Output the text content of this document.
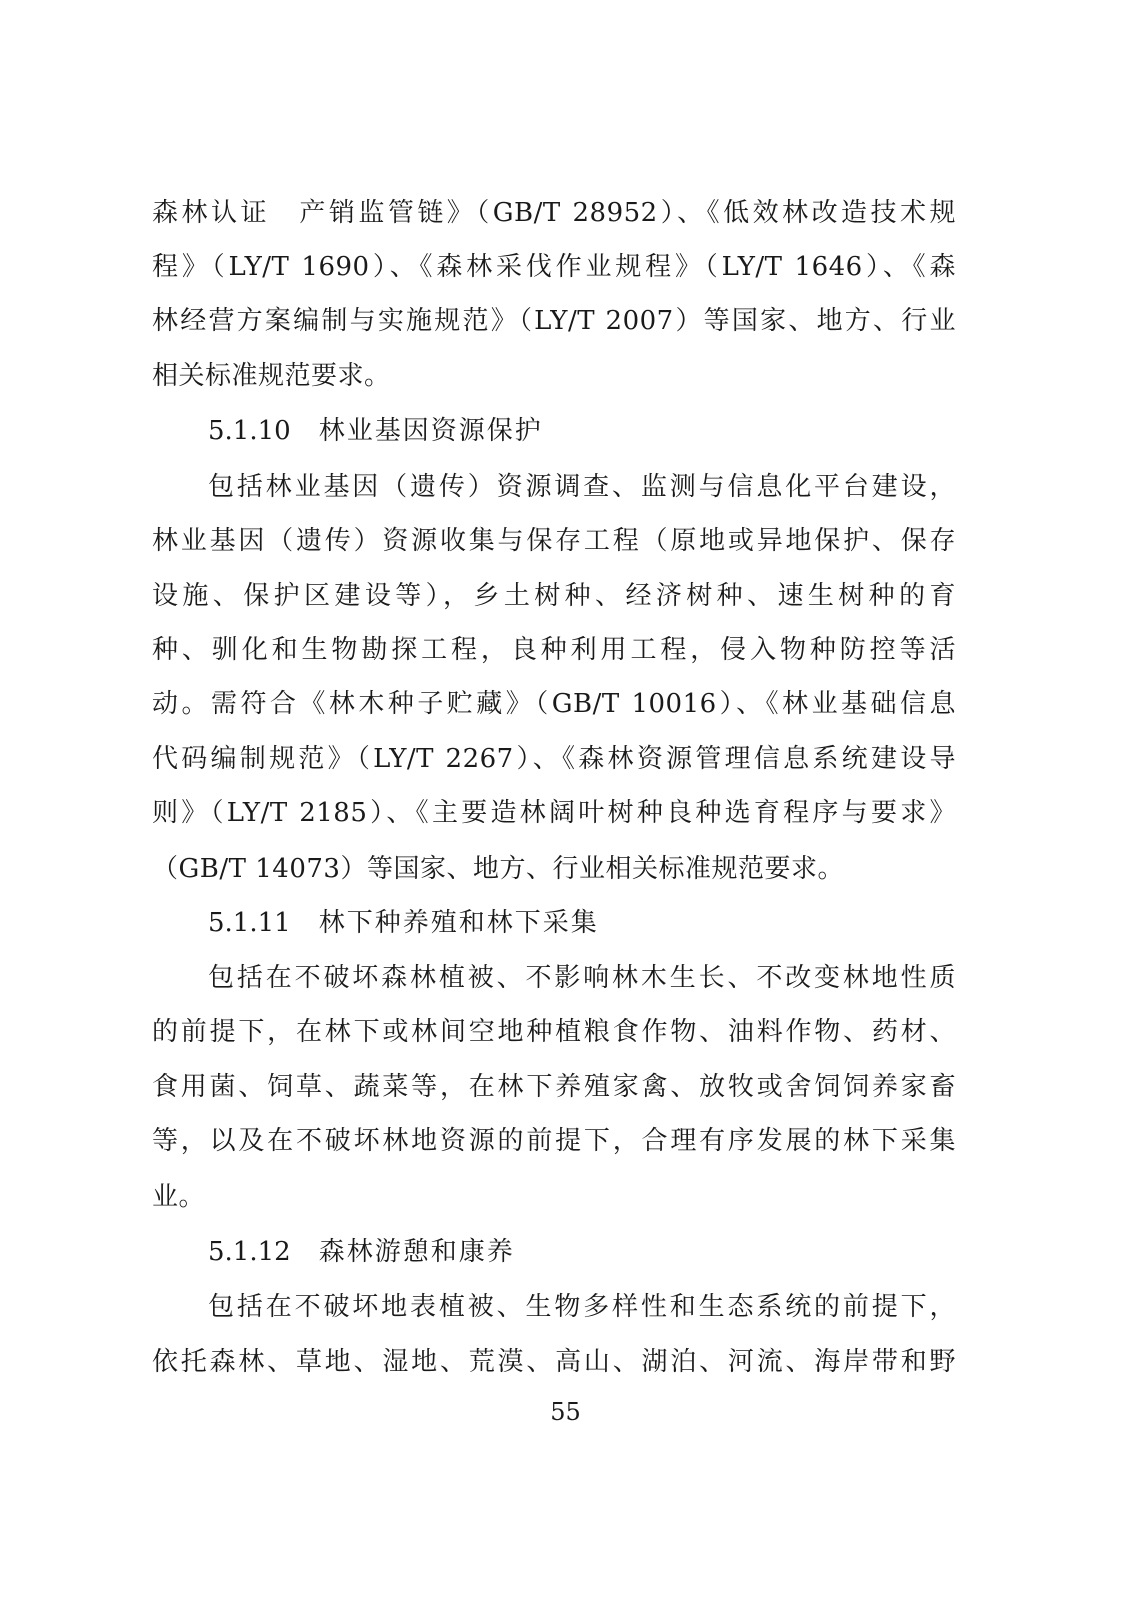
森林认证　产销监管链》（GB/T 28952）、《低效林改造技术规
程》（LY/T 1690）、《森林采伐作业规程》（LY/T 1646）、《森
林经营方案编制与实施规范》（LY/T 2007）等国家、地方、行业
相关标准规范要求。
5.1.10 林业基因资源保护
包括林业基因（遗传）资源调查、监测与信息化平台建设，
林业基因（遗传）资源收集与保存工程（原地或异地保护、保存
设施、保护区建设等），乡土树种、经济树种、速生树种的育
种、驯化和生物勘探工程，良种利用工程，侵入物种防控等活
动。需符合《林木种子贮藏》（GB/T 10016）、《林业基础信息
代码编制规范》（LY/T 2267）、《森林资源管理信息系统建设导
则》（LY/T 2185）、《主要造林阔叶树种良种选育程序与要求》
（GB/T 14073）等国家、地方、行业相关标准规范要求。
5.1.11 林下种养殖和林下采集
包括在不破坏森林植被、不影响林木生长、不改变林地性质
的前提下，在林下或林间空地种植粮食作物、油料作物、药材、
食用菌、饲草、蔬菜等，在林下养殖家禽、放牧或舍饲饲养家畜
等，以及在不破坏林地资源的前提下，合理有序发展的林下采集
业。
5.1.12 森林游憩和康养
包括在不破坏地表植被、生物多样性和生态系统的前提下，
依托森林、草地、湿地、荒漠、高山、湖泊、河流、海岸带和野
55
